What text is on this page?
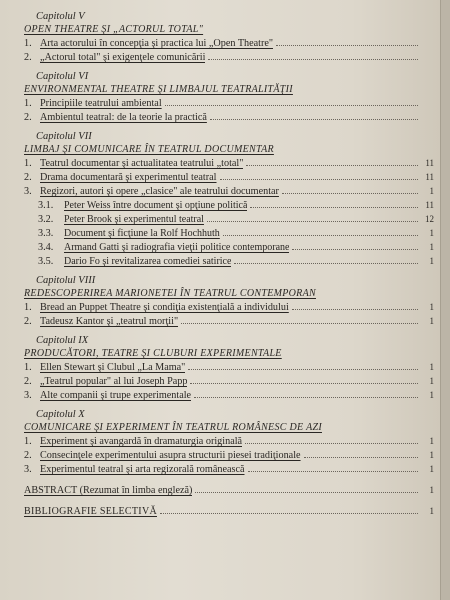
Capitolul V
OPEN THEATRE ŞI „ACTORUL TOTAL"
1. Arta actorului în concepţia şi practica lui „Open Theatre"
2. „Actorul total" şi exigenţele comunicării
Capitolul VI
ENVIRONMENTAL THEATRE ŞI LIMBAJUL TEATRALITĂŢII
1. Principiile teatrului ambiental
2. Ambientul teatral: de la teorie la practică
Capitolul VII
LIMBAJ ŞI COMUNICARE ÎN TEATRUL DOCUMENTAR
1. Teatrul documentar şi actualitatea teatrului „total"	11
2. Drama documentară şi experimentul teatral	11
3. Regizori, autori şi opere „clasice" ale teatrului documentar	1
3.1.	Peter Weiss între document şi opţiune politică	11
3.2.	Peter Brook şi experimentul teatral	12
3.3.	Document şi ficţiune la Rolf Hochhuth	1
3.4.	Armand Gatti şi radiografia vieţii politice contemporane	1
3.5.	Dario Fo şi revitalizarea comediei satirice	1
Capitolul VIII
REDESCOPERIREA MARIONETEI ÎN TEATRUL CONTEMPORAN
1. Bread an Puppet Theatre şi condiţia existenţială a individului	1
2. Tadeusz Kantor şi „teatrul morţii"	1
Capitolul IX
PRODUCĂTORI, TEATRE ŞI CLUBURI EXPERIMENTALE
1. Ellen Stewart şi Clubul „La Mama"	1
2. „Teatrul popular" al lui Joseph Papp	1
3. Alte companii şi trupe experimentale	1
Capitolul X
COMUNICARE ŞI EXPERIMENT ÎN TEATRUL ROMÂNESC DE AZI
1. Experiment şi avangardă în dramaturgia originală	1
2. Consecinţele experimentului asupra structurii piesei tradiţionale	1
3. Experimentul teatral şi arta regizorală românească	1
ABSTRACT (Rezumat în limba engleză)	1
BIBLIOGRAFIE SELECTIVĂ	1
